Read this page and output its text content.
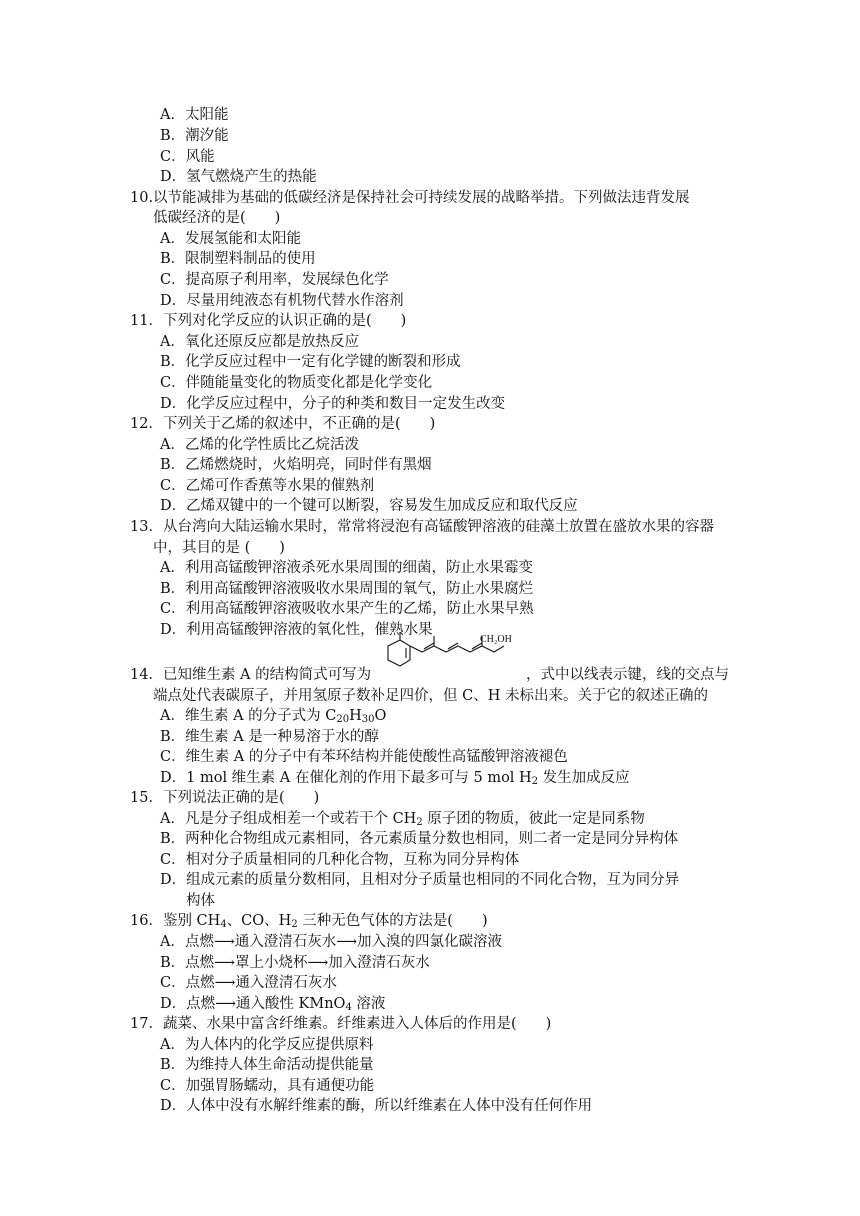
A．太阳能
B．潮汐能
C．风能
D．氢气燃烧产生的热能
10.以节能减排为基础的低碳经济是保持社会可持续发展的战略举措。下列做法违背发展
低碳经济的是(　　)
A．发展氢能和太阳能
B．限制塑料制品的使用
C．提高原子利用率，发展绿色化学
D．尽量用纯液态有机物代替水作溶剂
11．下列对化学反应的认识正确的是(　　)
A．氧化还原反应都是放热反应
B．化学反应过程中一定有化学键的断裂和形成
C．伴随能量变化的物质变化都是化学变化
D．化学反应过程中，分子的种类和数目一定发生改变
12．下列关于乙烯的叙述中，不正确的是(　　)
A．乙烯的化学性质比乙烷活泼
B．乙烯燃烧时，火焰明亮，同时伴有黑烟
C．乙烯可作香蕉等水果的催熟剂
D．乙烯双键中的一个键可以断裂，容易发生加成反应和取代反应
13．从台湾向大陆运输水果时，常常将浸泡有高锰酸钾溶液的硅藻土放置在盛放水果的容器
中，其目的是 (　　)
A．利用高锰酸钾溶液杀死水果周围的细菌，防止水果霉变
B．利用高锰酸钾溶液吸收水果周围的氧气，防止水果腐烂
C．利用高锰酸钾溶液吸收水果产生的乙烯，防止水果早熟
D．利用高锰酸钾溶液的氧化性，催熟水果
CH₂OH
14．已知维生素 A 的结构简式可写为	，式中以线表示键，线的交点与
端点处代表碳原子，并用氢原子数补足四价，但 C、H 未标出来。关于它的叙述正确的
A．维生素 A 的分子式为 $C_{20}H_{30}O$
B．维生素 A 是一种易溶于水的醇
C．维生素 A 的分子中有苯环结构并能使酸性高锰酸钾溶液褪色
D．1 mol 维生素 A 在催化剂的作用下最多可与 5 mol $H_2$ 发生加成反应
15．下列说法正确的是(　　)
A．凡是分子组成相差一个或若干个 $CH_2$ 原子团的物质，彼此一定是同系物
B．两种化合物组成元素相同，各元素质量分数也相同，则二者一定是同分异构体
C．相对分子质量相同的几种化合物，互称为同分异构体
D．组成元素的质量分数相同，且相对分子质量也相同的不同化合物，互为同分异
构体
16．鉴别 $CH_4$、CO、$H_2$ 三种无色气体的方法是(　　)
A．点燃⟶通入澄清石灰水⟶加入溴的四氯化碳溶液
B．点燃⟶罩上小烧杯⟶加入澄清石灰水
C．点燃⟶通入澄清石灰水
D．点燃⟶通入酸性 KMnO$_4$ 溶液
17．蔬菜、水果中富含纤维素。纤维素进入人体后的作用是(　　)
A．为人体内的化学反应提供原料
B．为维持人体生命活动提供能量
C．加强胃肠蠕动，具有通便功能
D．人体中没有水解纤维素的酶，所以纤维素在人体中没有任何作用
